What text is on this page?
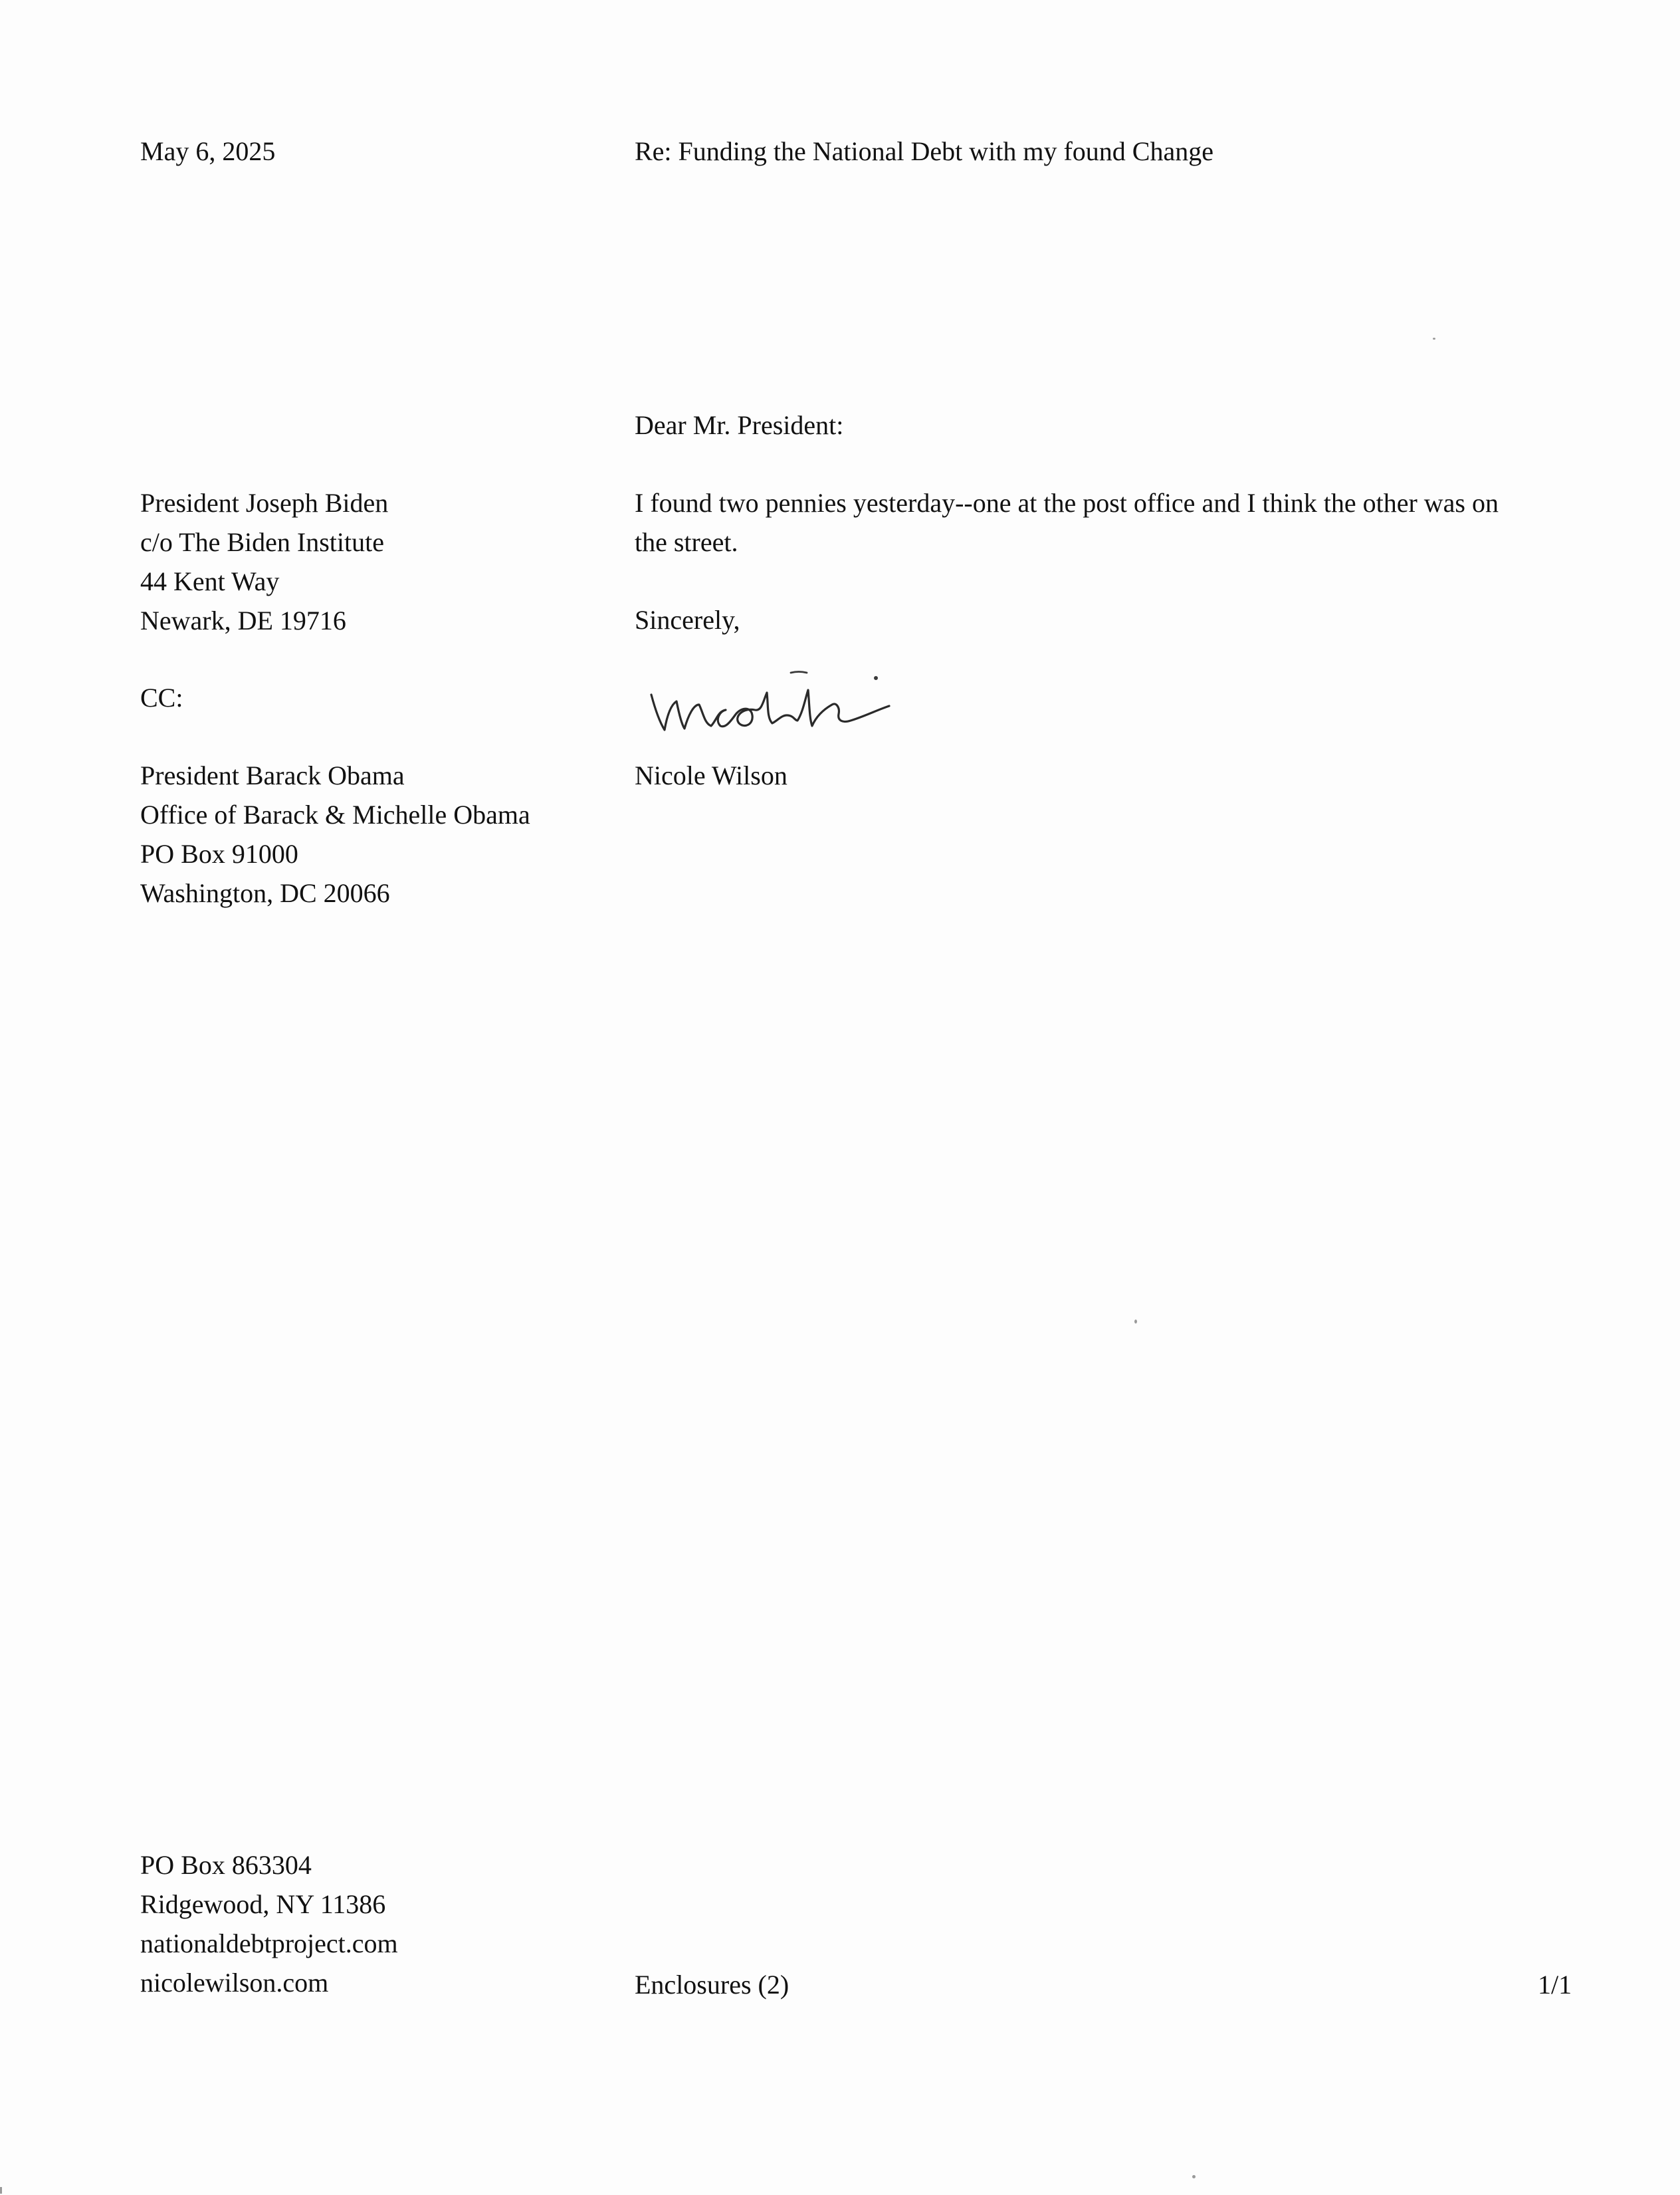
May 6, 2025	Re: Funding the National Debt with my found Change
Dear Mr. President:
President Joseph Biden
c/o The Biden Institute
44 Kent Way
Newark, DE 19716
I found two pennies yesterday--one at the post office and I think the other was on
the street.
Sincerely,
CC:
Nicole Wilson
President Barack Obama
Office of Barack & Michelle Obama
PO Box 91000
Washington, DC 20066
PO Box 863304
Ridgewood, NY 11386
nationaldebtproject.com
nicolewilson.com	Enclosures (2)	1/1
